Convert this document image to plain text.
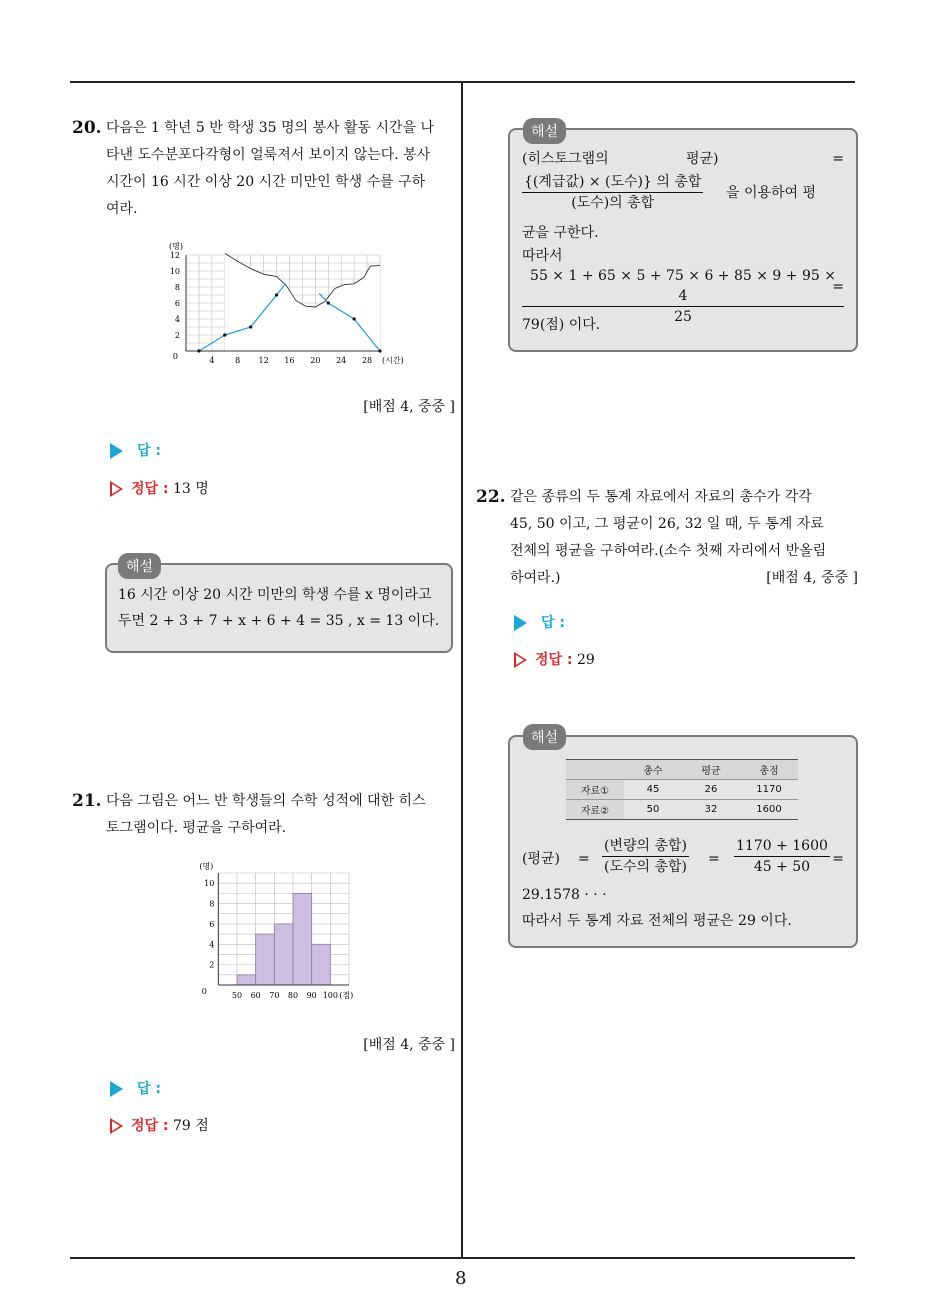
8
20. 다음은 1 학년 5 반 학생 35 명의 봉사 활동 시간을 나
타낸 도수분포다각형이 얼룩져서 보이지 않는다. 봉사
시간이 16 시간 이상 20 시간 미만인 학생 수를 구하
여라.
2
4
6
8
10
12
4	8 12 16 20 24 28
0
(명)
(시간)
[배점 4, 중중 ]
답 :
정답 : 13 명
해설
16 시간 이상 20 시간 미만의 학생 수를 x 명이라고
두면 2 + 3 + 7 + x + 6 + 4 = 35 , x = 13 이다.
21. 다음 그림은 어느 반 학생들의 수학 성적에 대한 히스
토그램이다. 평균을 구하여라.
2
4
6
8
10
50 60 70 80 90 100
0
(명)
(점)
[배점 4, 중중 ]
답 :
정답 : 79 점
해설
(히스토그램의	평균)	=
$\frac{\text{\{(계급값) × (도수)\} 의 총합}}{\text{(도수)의 총합}}$ 을 이용하여 평
균을 구한다.
따라서
$\frac{55 \times 1 + 65 \times 5 + 75 \times 6 + 85 \times 9 + 95 \times 4}{25}$
=
79(점) 이다.
22. 같은 종류의 두 통계 자료에서 자료의 총수가 각각
45, 50 이고, 그 평균이 26, 32 일 때, 두 통계 자료
전체의 평균을 구하여라.(소수 첫째 자리에서 반올림
하여라.)	[배점 4, 중중 ]
답 :
정답 : 29
해설
	총수	평균	총점
자료①	45	26	1170
자료②	50	32	1600
(평균) =
(변량의 총합)
(도수의 총합) = $\frac{1170 + 1600}{45 + 50}$ =
29.1578 · · ·
따라서 두 통계 자료 전체의 평균은 29 이다.
